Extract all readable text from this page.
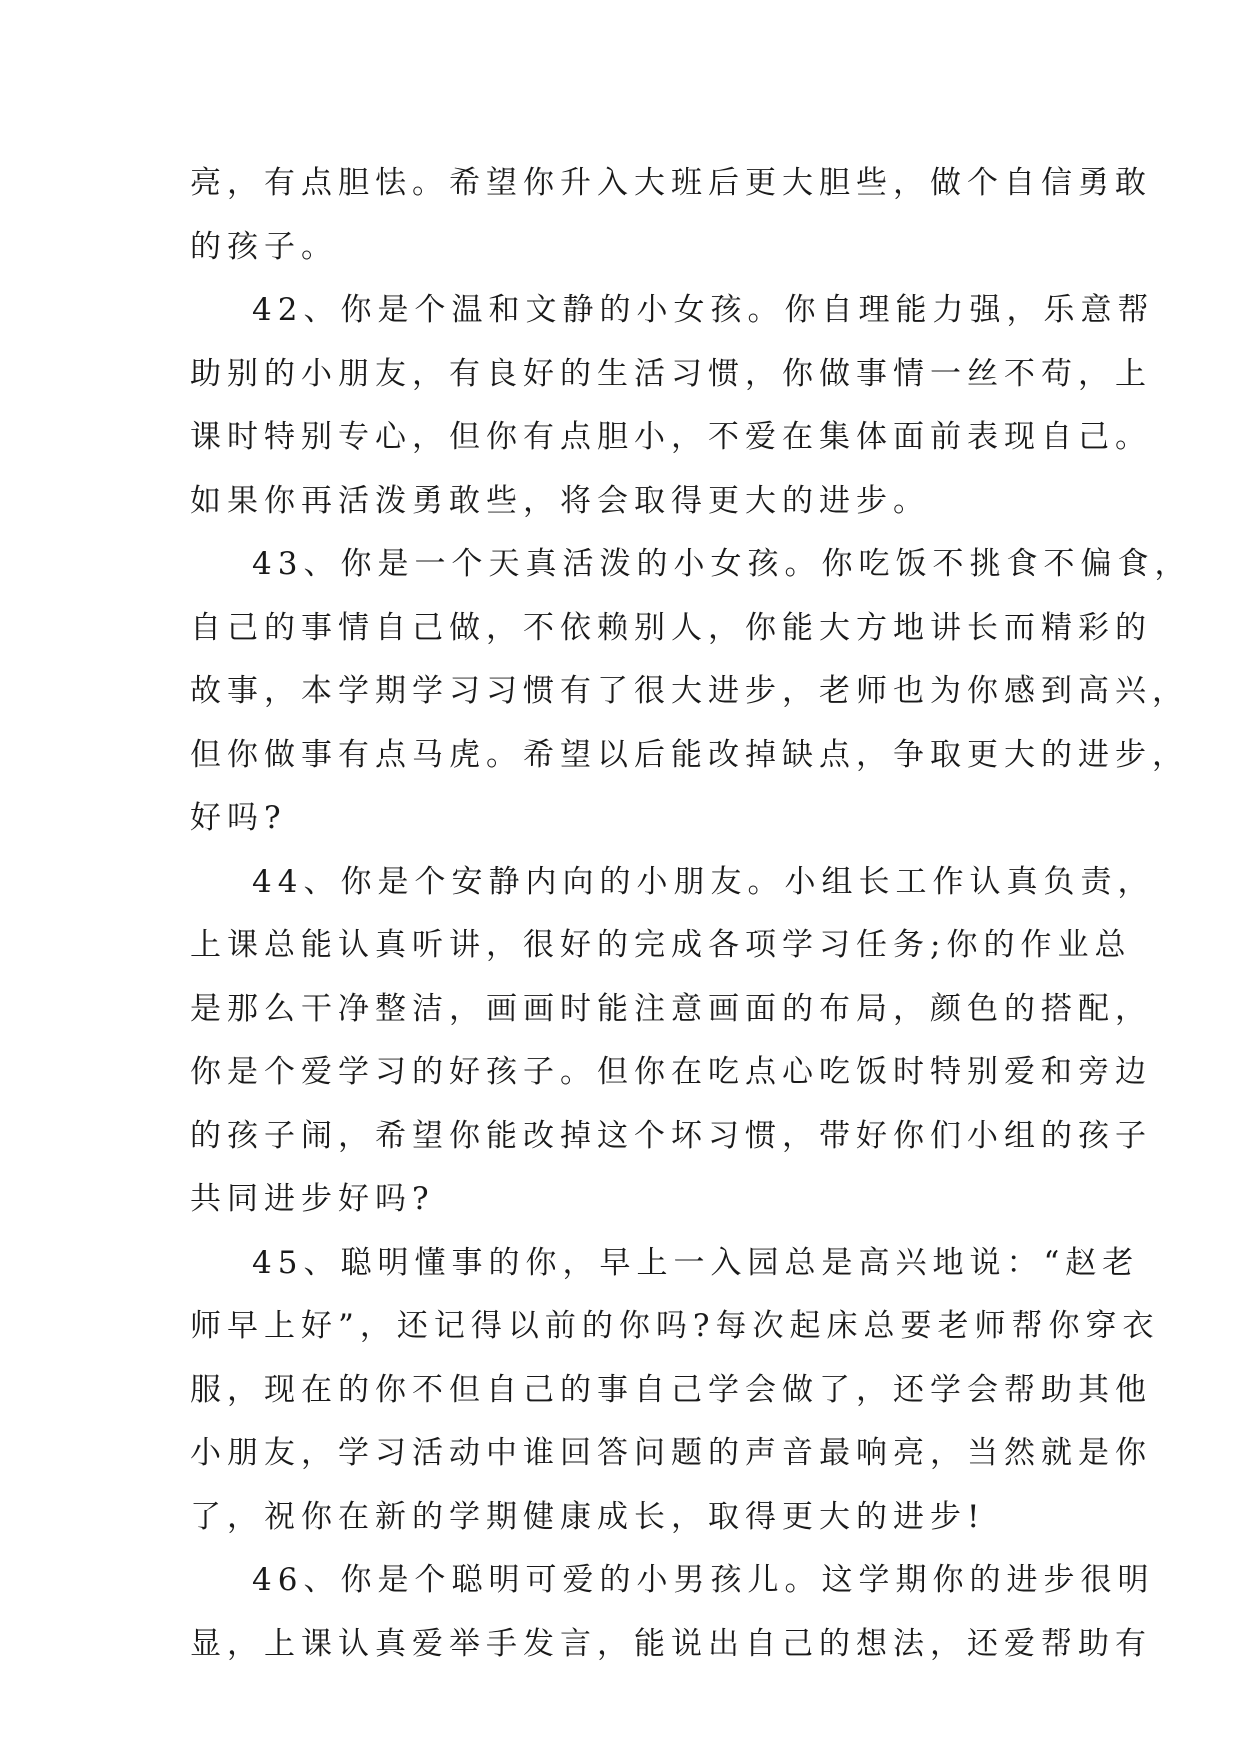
亮，有点胆怯。希望你升入大班后更大胆些，做个自信勇敢
的孩子。
42、你是个温和文静的小女孩。你自理能力强，乐意帮
助别的小朋友，有良好的生活习惯，你做事情一丝不苟，上
课时特别专心，但你有点胆小，不爱在集体面前表现自己。
如果你再活泼勇敢些，将会取得更大的进步。
43、你是一个天真活泼的小女孩。你吃饭不挑食不偏食，
自己的事情自己做，不依赖别人，你能大方地讲长而精彩的
故事，本学期学习习惯有了很大进步，老师也为你感到高兴，
但你做事有点马虎。希望以后能改掉缺点，争取更大的进步，
好吗?
44、你是个安静内向的小朋友。小组长工作认真负责，
上课总能认真听讲，很好的完成各项学习任务;你的作业总
是那么干净整洁，画画时能注意画面的布局，颜色的搭配，
你是个爱学习的好孩子。但你在吃点心吃饭时特别爱和旁边
的孩子闹，希望你能改掉这个坏习惯，带好你们小组的孩子
共同进步好吗?
45、聪明懂事的你，早上一入园总是高兴地说：“赵老
师早上好”，还记得以前的你吗?每次起床总要老师帮你穿衣
服，现在的你不但自己的事自己学会做了，还学会帮助其他
小朋友，学习活动中谁回答问题的声音最响亮，当然就是你
了，祝你在新的学期健康成长，取得更大的进步!
46、你是个聪明可爱的小男孩儿。这学期你的进步很明
显，上课认真爱举手发言，能说出自己的想法，还爱帮助有
